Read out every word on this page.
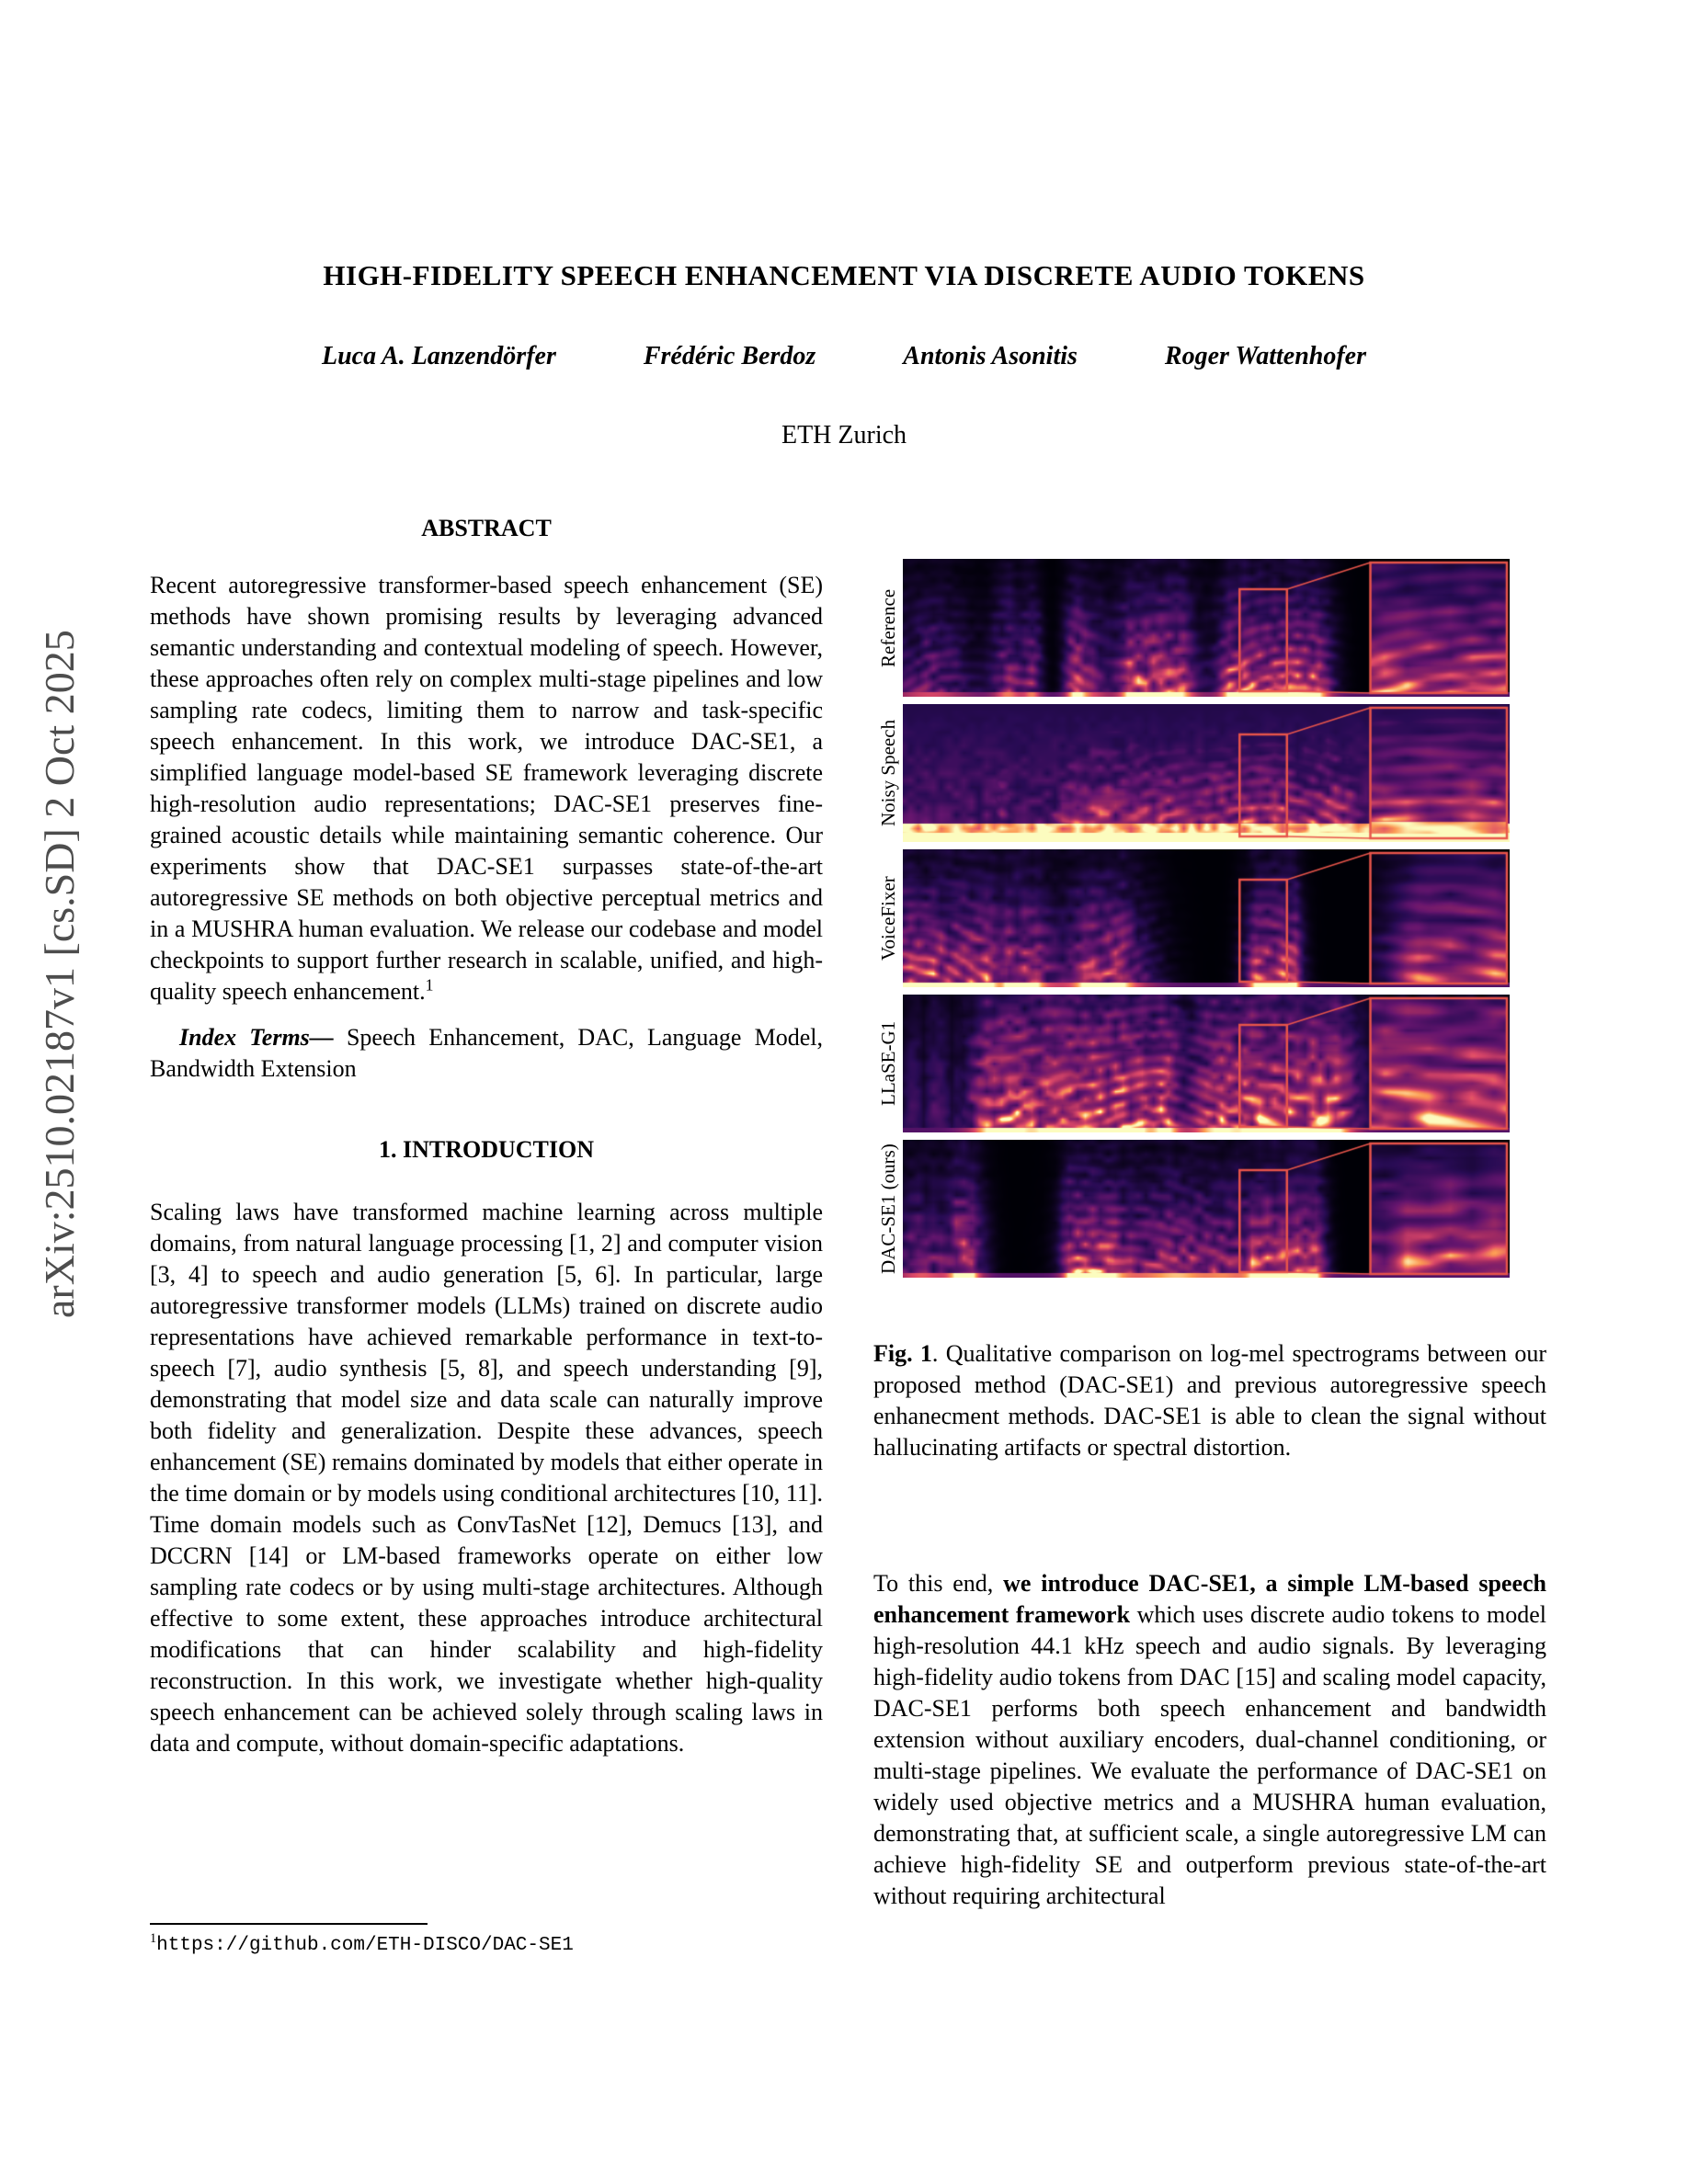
arXiv:2510.02187v1 [cs.SD] 2 Oct 2025
HIGH-FIDELITY SPEECH ENHANCEMENT VIA DISCRETE AUDIO TOKENS
Luca A. Lanzendörfer	Frédéric Berdoz	Antonis Asonitis	Roger Wattenhofer
ETH Zurich
ABSTRACT

Recent autoregressive transformer-based speech enhancement (SE) methods have shown promising results by leveraging advanced semantic understanding and contextual modeling of speech. However, these approaches often rely on complex multi-stage pipelines and low sampling rate codecs, limiting them to narrow and task-specific speech enhancement. In this work, we introduce DAC-SE1, a simplified language model-based SE framework leveraging discrete high-resolution audio representations; DAC-SE1 preserves fine-grained acoustic details while maintaining semantic coherence. Our experiments show that DAC-SE1 surpasses state-of-the-art autoregressive SE methods on both objective perceptual metrics and in a MUSHRA human evaluation. We release our codebase and model checkpoints to support further research in scalable, unified, and high-quality speech enhancement.$^1$

Index Terms— Speech Enhancement, DAC, Language Model, Bandwidth Extension

1. INTRODUCTION

Scaling laws have transformed machine learning across multiple domains, from natural language processing [1, 2] and computer vision [3, 4] to speech and audio generation [5, 6]. In particular, large autoregressive transformer models (LLMs) trained on discrete audio representations have achieved remarkable performance in text-to-speech [7], audio synthesis [5, 8], and speech understanding [9], demonstrating that model size and data scale can naturally improve both fidelity and generalization. Despite these advances, speech enhancement (SE) remains dominated by models that either operate in the time domain or by models using conditional architectures [10, 11]. Time domain models such as ConvTasNet [12], Demucs [13], and DCCRN [14] or LM-based frameworks operate on either low sampling rate codecs or by using multi-stage architectures. Although effective to some extent, these approaches introduce architectural modifications that can hinder scalability and high-fidelity reconstruction. In this work, we investigate whether high-quality speech enhancement can be achieved solely through scaling laws in data and compute, without domain-specific adaptations.

Reference
Noisy Speech
VoiceFixer
LLaSE-G1
DAC-SE1 (ours)
Fig. 1. Qualitative comparison on log-mel spectrograms between our proposed method (DAC-SE1) and previous autoregressive speech enhanecment methods. DAC-SE1 is able to clean the signal without hallucinating artifacts or spectral distortion.

To this end, we introduce DAC-SE1, a simple LM-based speech enhancement framework which uses discrete audio tokens to model high-resolution 44.1 kHz speech and audio signals. By leveraging high-fidelity audio tokens from DAC [15] and scaling model capacity, DAC-SE1 performs both speech enhancement and bandwidth extension without auxiliary encoders, dual-channel conditioning, or multi-stage pipelines. We evaluate the performance of DAC-SE1 on widely used objective metrics and a MUSHRA human evaluation, demonstrating that, at sufficient scale, a single autoregressive LM can achieve high-fidelity SE and outperform previous state-of-the-art without requiring architectural

$^1$https://github.com/ETH-DISCO/DAC-SE1
